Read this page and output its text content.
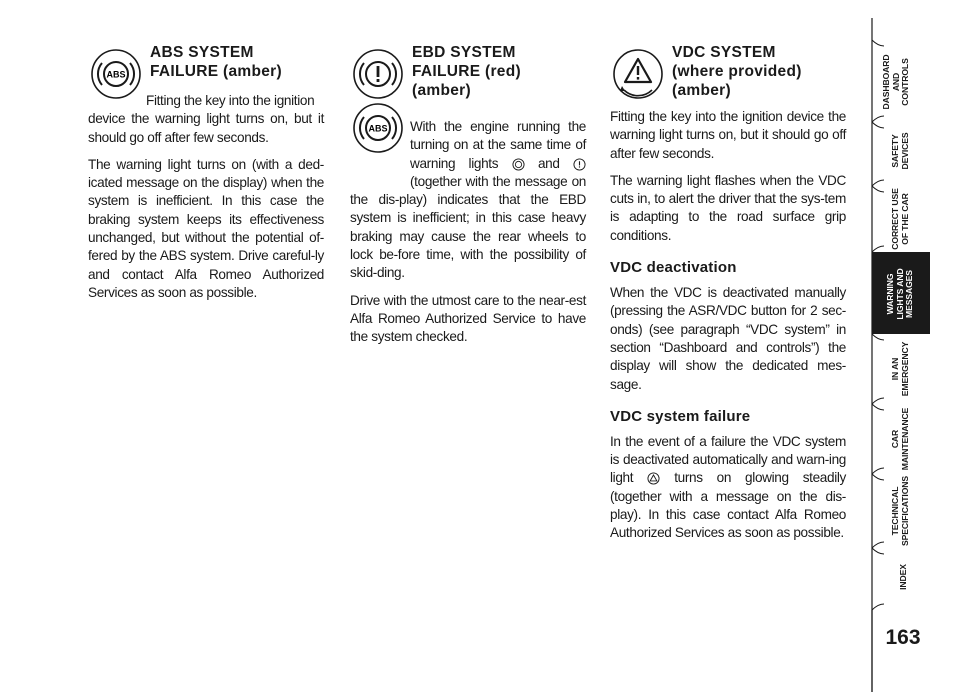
ABS
ABS SYSTEM
FAILURE (amber)

Fitting the key into the ignition
device the warning light turns on, but it should go off after few seconds.

The warning light turns on (with a ded-icated message on the display) when the system is inefficient. In this case the braking system keeps its effectiveness unchanged, but without the potential of-fered by the ABS system. Drive careful-ly and contact Alfa Romeo Authorized Services as soon as possible.

EBD SYSTEM
FAILURE (red)
(amber)
ABS	With the engine running the turning on at the same time of warning lights	and  (together with the message on the dis-play) indicates that the EBD system is inefficient; in this case heavy braking may cause the rear wheels to lock be-fore time, with the possibility of skid-ding.

Drive with the utmost care to the near-est Alfa Romeo Authorized Service to have the system checked.

VDC SYSTEM
(where provided)
(amber)

Fitting the key into the ignition device the warning light turns on, but it should go off after few seconds.

The warning light flashes when the VDC cuts in, to alert the driver that the sys-tem is adapting to the road surface grip conditions.

VDC deactivation

When the VDC is deactivated manually (pressing the ASR/VDC button for 2 sec-onds) (see paragraph “VDC system” in section “Dashboard and controls”) the display will show the dedicated mes-sage.

VDC system failure

In the event of a failure the VDC system is deactivated automatically and warn-ing light	turns on glowing steadily (together with a message on the dis-play). In this case contact Alfa Romeo Authorized Services as soon as possible.

DASHBOARD AND CONTROLS
SAFETY DEVICES
CORRECT USE OF THE CAR
WARNING LIGHTS AND MESSAGES
IN AN EMERGENCY
CAR MAINTENANCE
TECHNICAL SPECIFICATIONS
INDEX
163
